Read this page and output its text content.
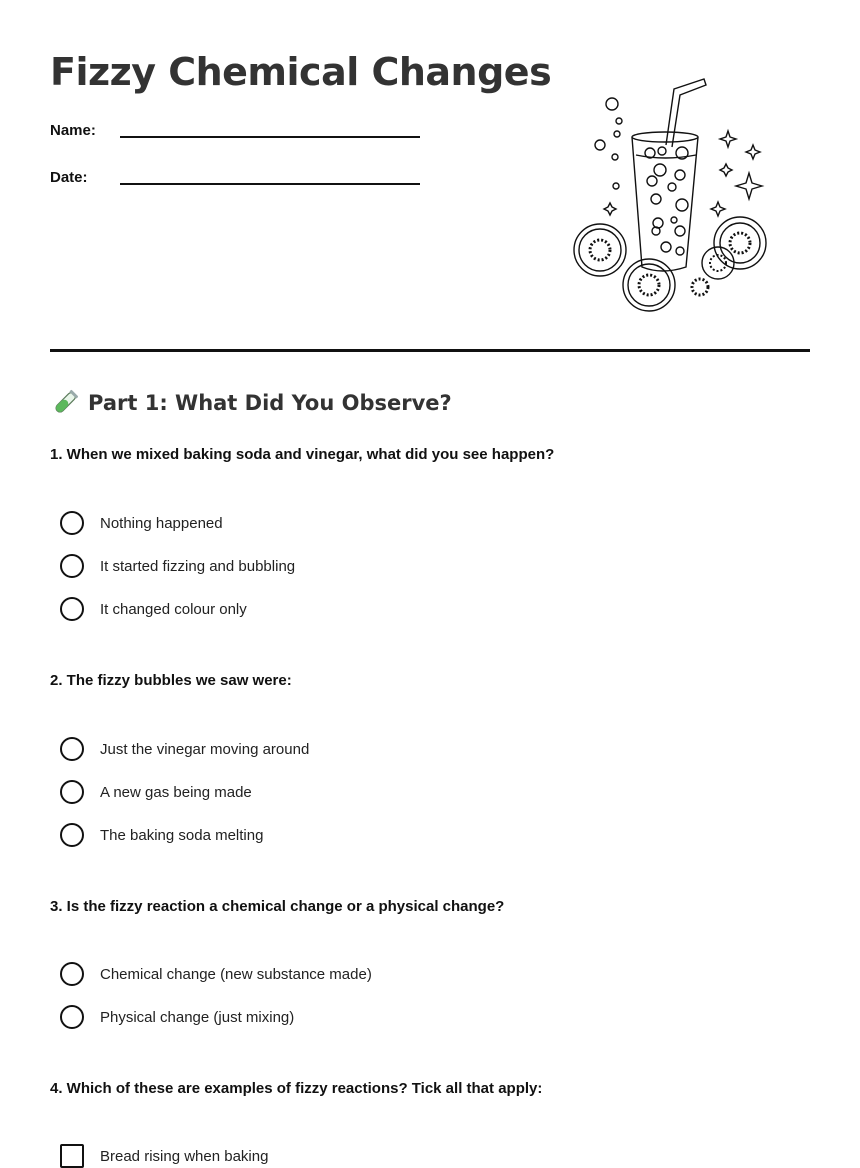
Fizzy Chemical Changes
Name:
Date:
Part 1: What Did You Observe?

1. When we mixed baking soda and vinegar, what did you see happen?

Nothing happened
It started fizzing and bubbling
It changed colour only

2. The fizzy bubbles we saw were:

Just the vinegar moving around
A new gas being made
The baking soda melting

3. Is the fizzy reaction a chemical change or a physical change?

Chemical change (new substance made)
Physical change (just mixing)

4. Which of these are examples of fizzy reactions? Tick all that apply:

Bread rising when baking
